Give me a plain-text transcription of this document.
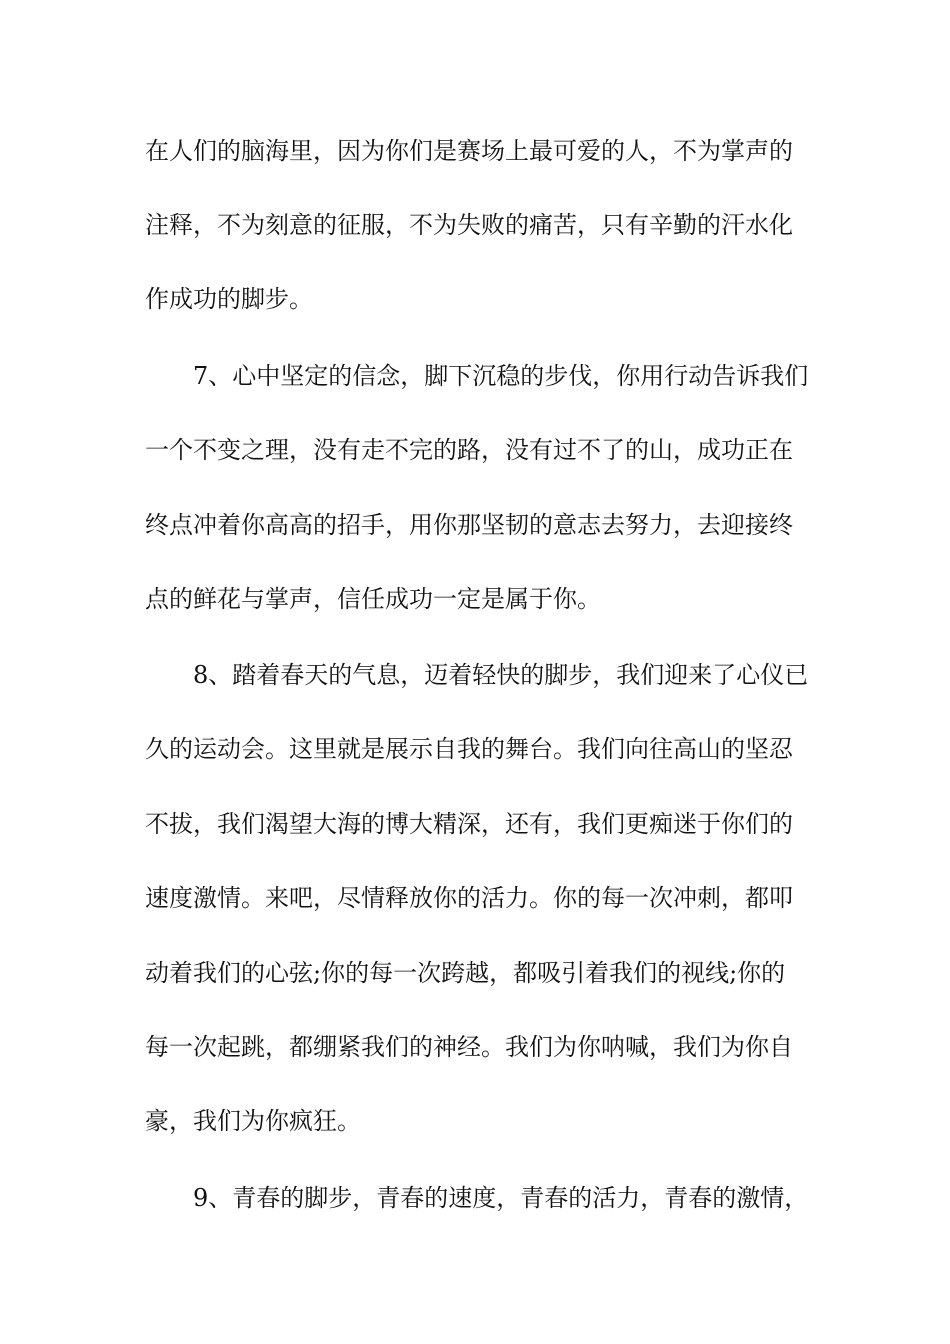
在人们的脑海里，因为你们是赛场上最可爱的人，不为掌声的
注释，不为刻意的征服，不为失败的痛苦，只有辛勤的汗水化
作成功的脚步。
7、心中坚定的信念，脚下沉稳的步伐，你用行动告诉我们
一个不变之理，没有走不完的路，没有过不了的山，成功正在
终点冲着你高高的招手，用你那坚韧的意志去努力，去迎接终
点的鲜花与掌声，信任成功一定是属于你。
8、踏着春天的气息，迈着轻快的脚步，我们迎来了心仪已
久的运动会。这里就是展示自我的舞台。我们向往高山的坚忍
不拔，我们渴望大海的博大精深，还有，我们更痴迷于你们的
速度激情。来吧，尽情释放你的活力。你的每一次冲刺，都叩
动着我们的心弦;你的每一次跨越，都吸引着我们的视线;你的
每一次起跳，都绷紧我们的神经。我们为你呐喊，我们为你自
豪，我们为你疯狂。
9、青春的脚步，青春的速度，青春的活力，青春的激情，
